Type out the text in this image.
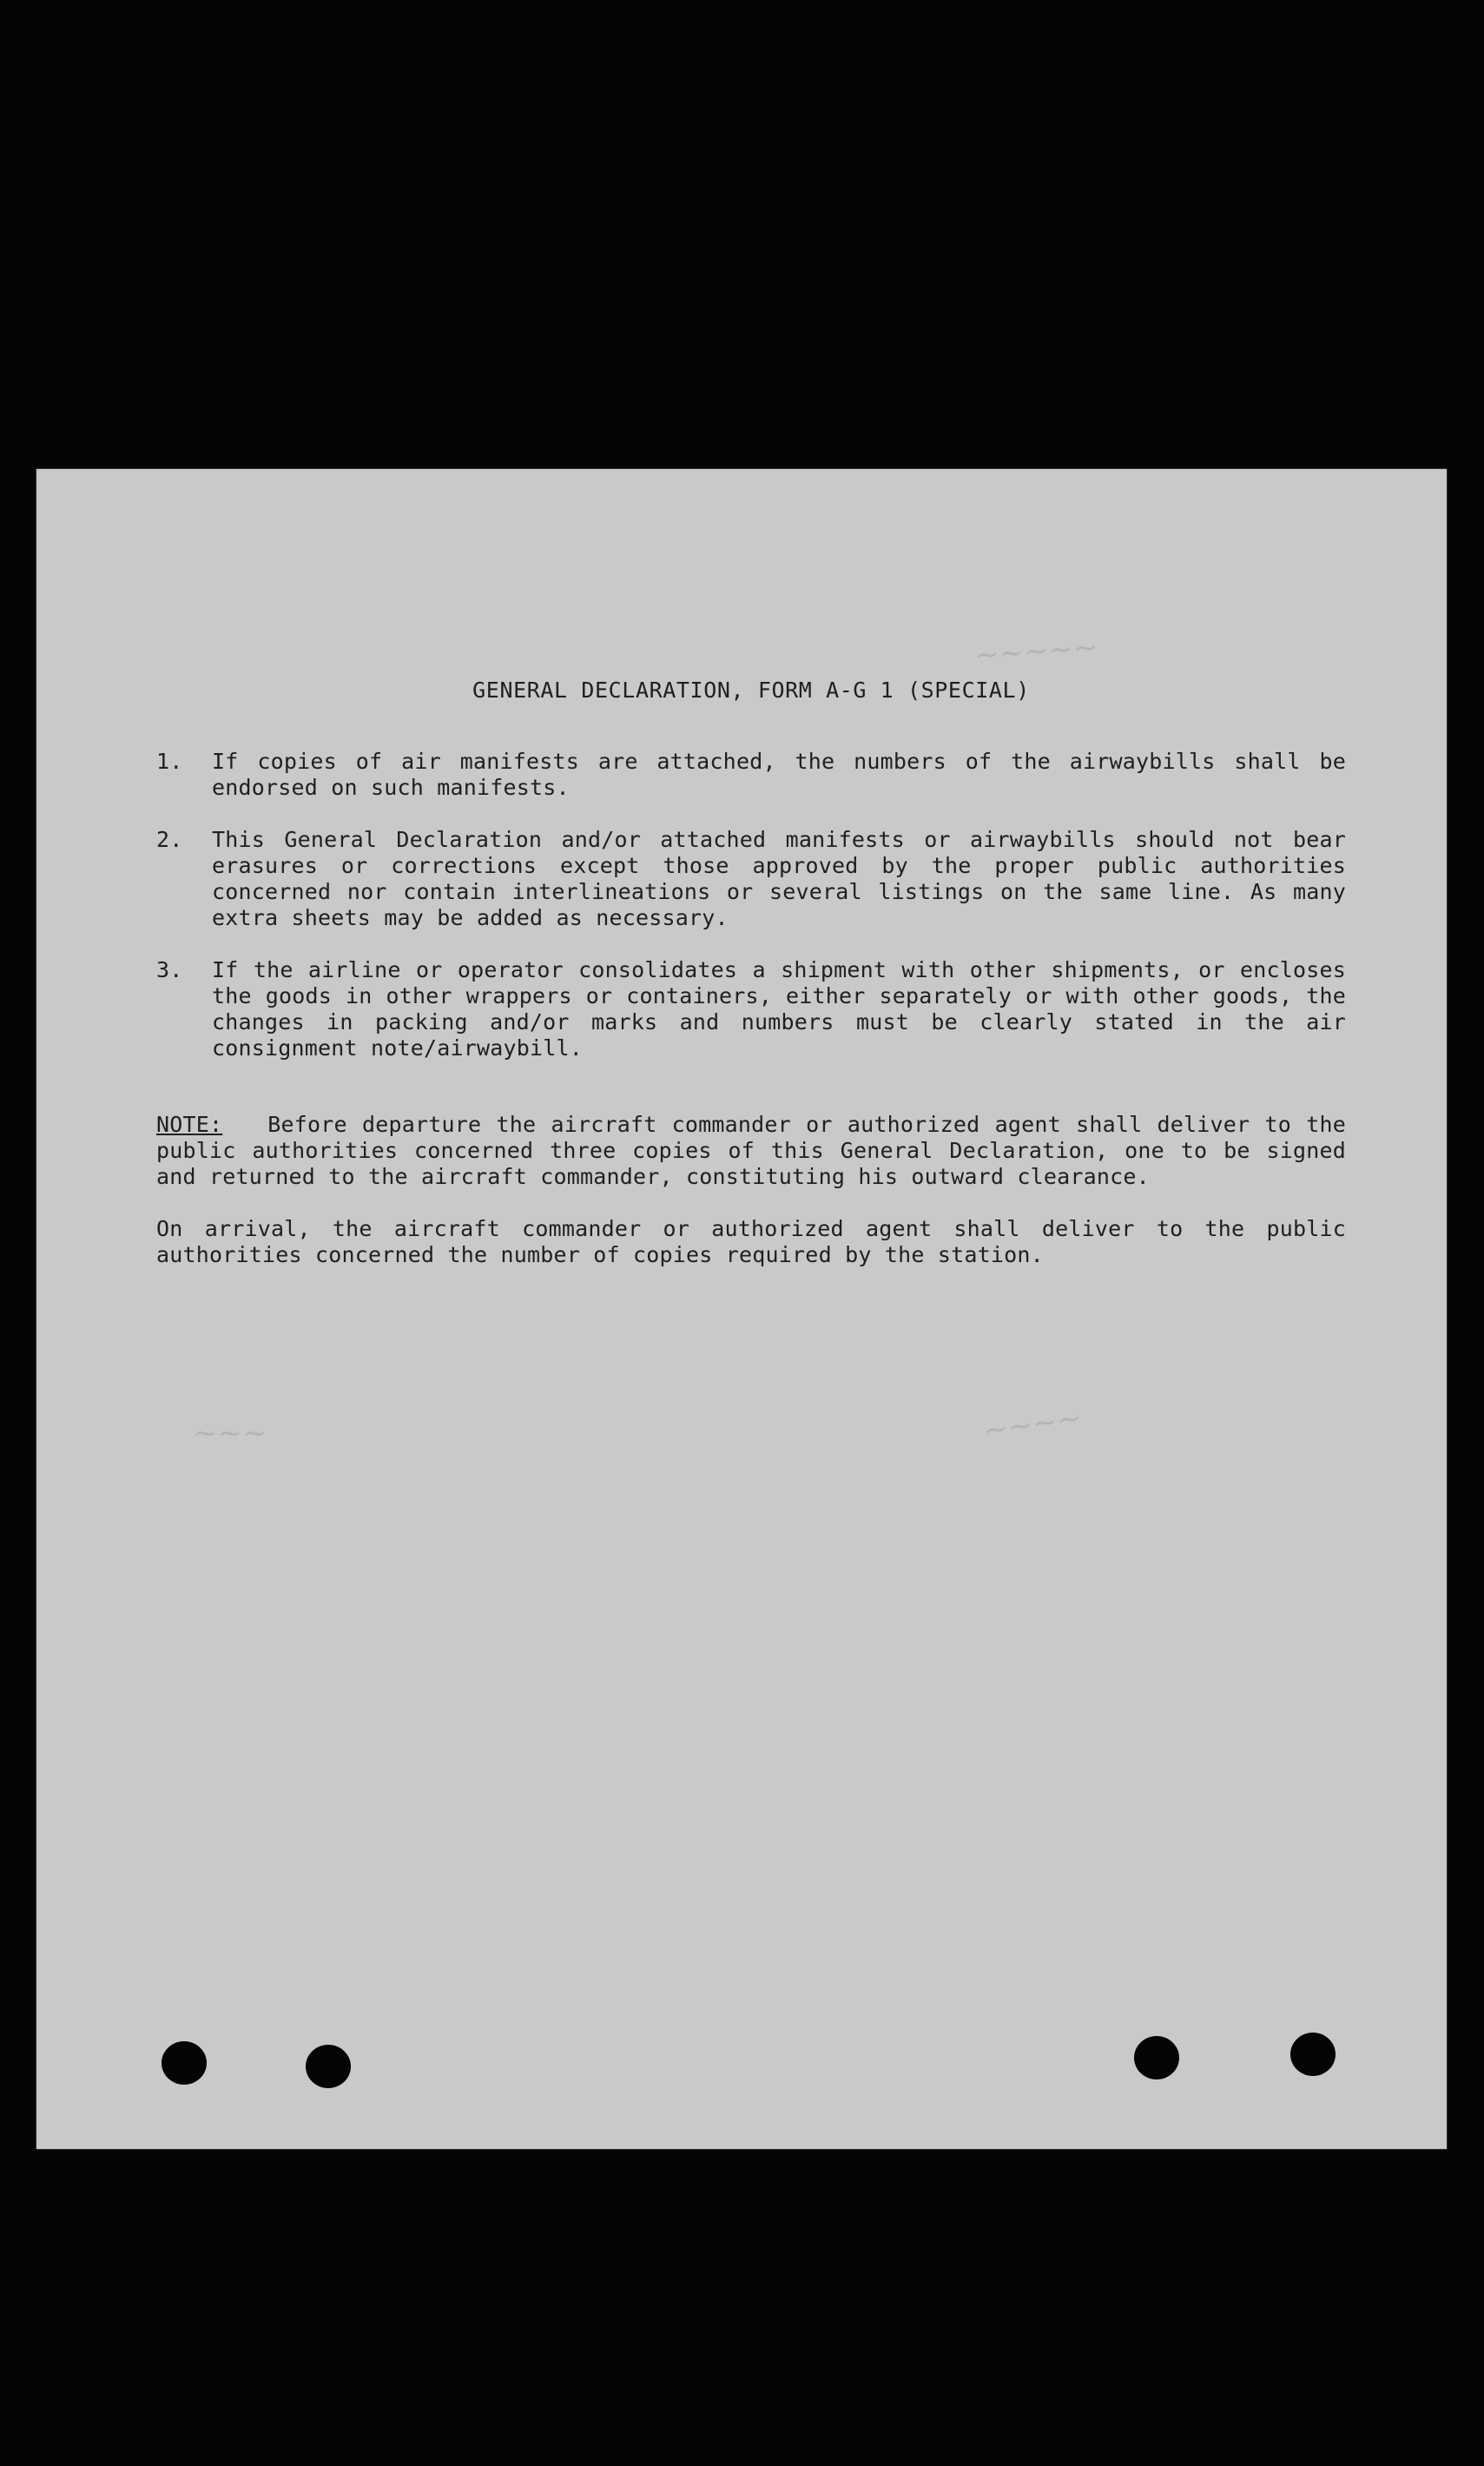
~~~~~
~~~~
~~~
GENERAL DECLARATION, FORM A-G 1 (SPECIAL)
1.	If copies of air manifests are attached, the numbers of the airwaybills shall be endorsed on such manifests.
2.	This General Declaration and/or attached manifests or airwaybills should not bear erasures or corrections except those approved by the proper public authorities concerned nor contain interlineations or several listings on the same line. As many extra sheets may be added as necessary.
3.	If the airline or operator consolidates a shipment with other shipments, or encloses the goods in other wrappers or containers, either separately or with other goods, the changes in packing and/or marks and numbers must be clearly stated in the air consignment note/airwaybill.
NOTE: Before departure the aircraft commander or authorized agent shall deliver to the public authorities concerned three copies of this General Declaration, one to be signed and returned to the aircraft commander, constituting his outward clearance.
On arrival, the aircraft commander or authorized agent shall deliver to the public authorities concerned the number of copies required by the station.
